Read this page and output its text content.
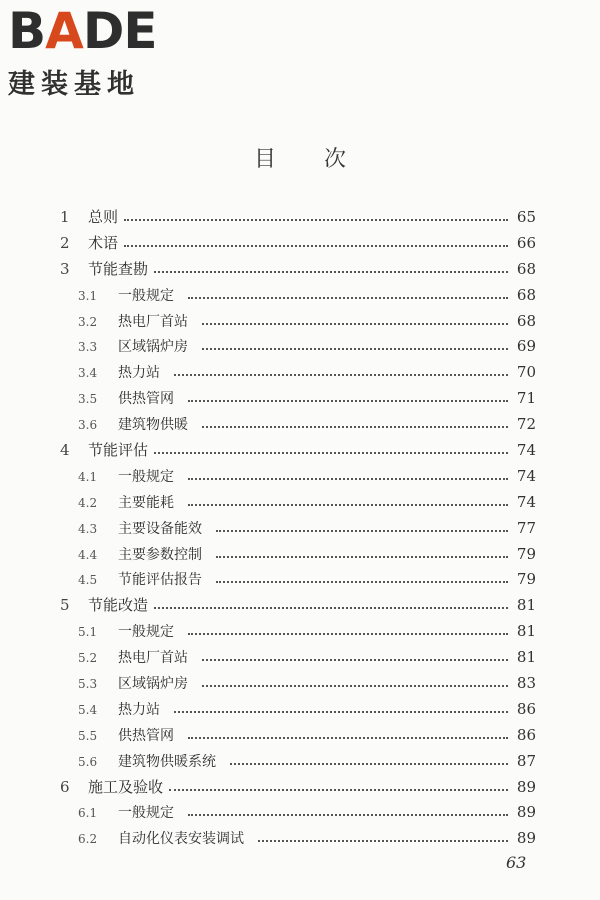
BADE
建装基地
目次
1	总则	65
2	术语	66
3	节能查勘	68
3.1	一般规定	68
3.2	热电厂首站	68
3.3	区域锅炉房	69
3.4	热力站	70
3.5	供热管网	71
3.6	建筑物供暖	72
4	节能评估	74
4.1	一般规定	74
4.2	主要能耗	74
4.3	主要设备能效	77
4.4	主要参数控制	79
4.5	节能评估报告	79
5	节能改造	81
5.1	一般规定	81
5.2	热电厂首站	81
5.3	区域锅炉房	83
5.4	热力站	86
5.5	供热管网	86
5.6	建筑物供暖系统	87
6	施工及验收	89
6.1	一般规定	89
6.2	自动化仪表安装调试	89
63
